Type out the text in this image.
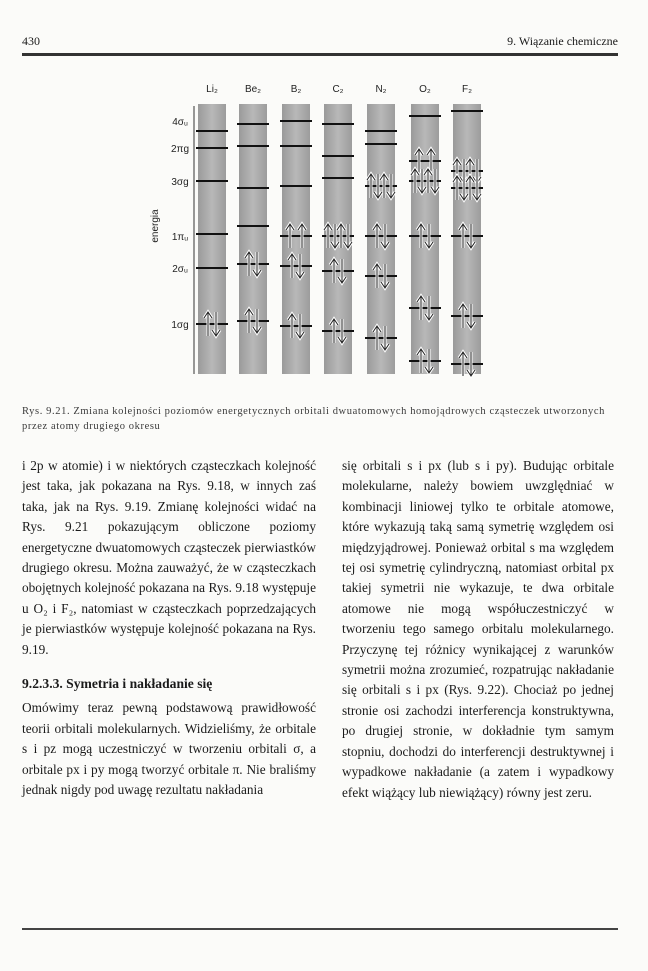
430	9. Wiązanie chemiczne
Li₂	Be₂	B₂	C₂	N₂	O₂	F₂
4σᵤ
2πg
3σg
1πᵤ
2σᵤ
1σg
energia
Rys. 9.21. Zmiana kolejności poziomów energetycznych orbitali dwuatomowych homojądrowych cząsteczek utworzonych przez atomy drugiego okresu

i 2p w atomie) i w niektórych cząsteczkach kolejność jest taka, jak pokazana na Rys. 9.18, w innych zaś taka, jak na Rys. 9.19. Zmianę kolejności widać na Rys. 9.21 pokazującym obliczone poziomy energetyczne dwuatomowych cząsteczek pierwiastków drugiego okresu. Można zauważyć, że w cząsteczkach obojętnych kolejność pokazana na Rys. 9.18 występuje u O₂ i F₂, natomiast w cząsteczkach poprzedzających je pierwiastków występuje kolejność pokazana na Rys. 9.19.

9.2.3.3. Symetria i nakładanie się

Omówimy teraz pewną podstawową prawidłowość teorii orbitali molekularnych. Widzieliśmy, że orbitale s i pz mogą uczestniczyć w tworzeniu orbitali σ, a orbitale px i py mogą tworzyć orbitale π. Nie braliśmy jednak nigdy pod uwagę rezultatu nakładania

się orbitali s i px (lub s i py). Budując orbitale molekularne, należy bowiem uwzględniać w kombinacji liniowej tylko te orbitale atomowe, które wykazują taką samą symetrię względem osi międzyjądrowej. Ponieważ orbital s ma względem tej osi symetrię cylindryczną, natomiast orbital px takiej symetrii nie wykazuje, te dwa orbitale atomowe nie mogą współuczestniczyć w tworzeniu tego samego orbitalu molekularnego. Przyczynę tej różnicy wynikającej z warunków symetrii można zrozumieć, rozpatrując nakładanie się orbitali s i px (Rys. 9.22). Chociaż po jednej stronie osi zachodzi interferencja konstruktywna, po drugiej stronie, w dokładnie tym samym stopniu, dochodzi do interferencji destruktywnej i wypadkowe nakładanie (a zatem i wypadkowy efekt wiążący lub niewiążący) równy jest zeru.
